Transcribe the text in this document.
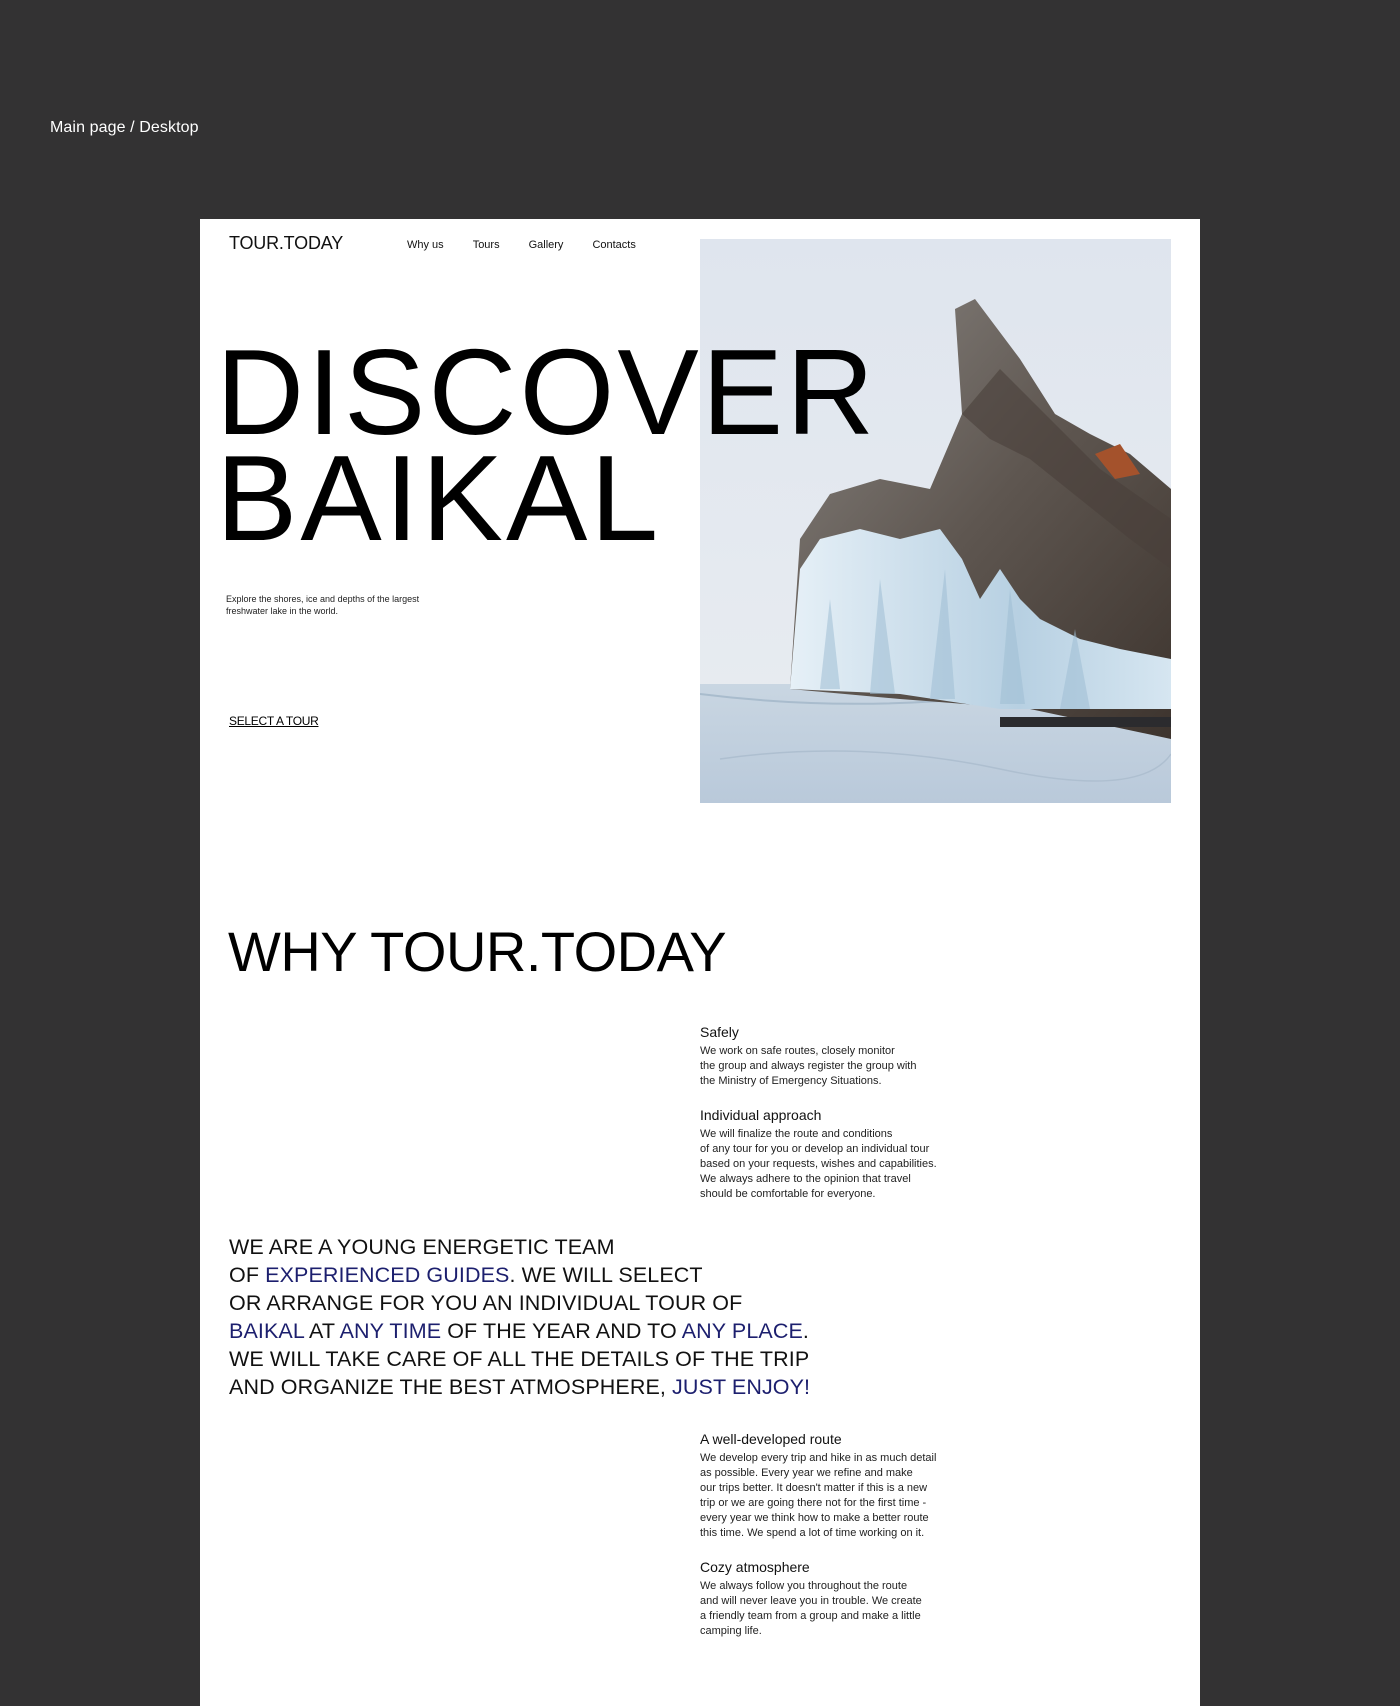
Main page / Desktop
TOUR.TODAY	Why us	Tours	Gallery	Contacts
DISCOVER
BAIKAL
Explore the shores, ice and depths of the largest
freshwater lake in the world.
SELECT A TOUR
WHY TOUR.TODAY
Safely

We work on safe routes, closely monitor
the group and always register the group with
the Ministry of Emergency Situations.

Individual approach

We will finalize the route and conditions
of any tour for you or develop an individual tour
based on your requests, wishes and capabilities.
We always adhere to the opinion that travel
should be comfortable for everyone.

WE ARE A YOUNG ENERGETIC TEAM
OF EXPERIENCED GUIDES. WE WILL SELECT
OR ARRANGE FOR YOU AN INDIVIDUAL TOUR OF
BAIKAL AT ANY TIME OF THE YEAR AND TO ANY PLACE.
WE WILL TAKE CARE OF ALL THE DETAILS OF THE TRIP
AND ORGANIZE THE BEST ATMOSPHERE, JUST ENJOY!

A well-developed route

We develop every trip and hike in as much detail
as possible. Every year we refine and make
our trips better. It doesn't matter if this is a new
trip or we are going there not for the first time -
every year we think how to make a better route
this time. We spend a lot of time working on it.

Cozy atmosphere

We always follow you throughout the route
and will never leave you in trouble. We create
a friendly team from a group and make a little
camping life.
